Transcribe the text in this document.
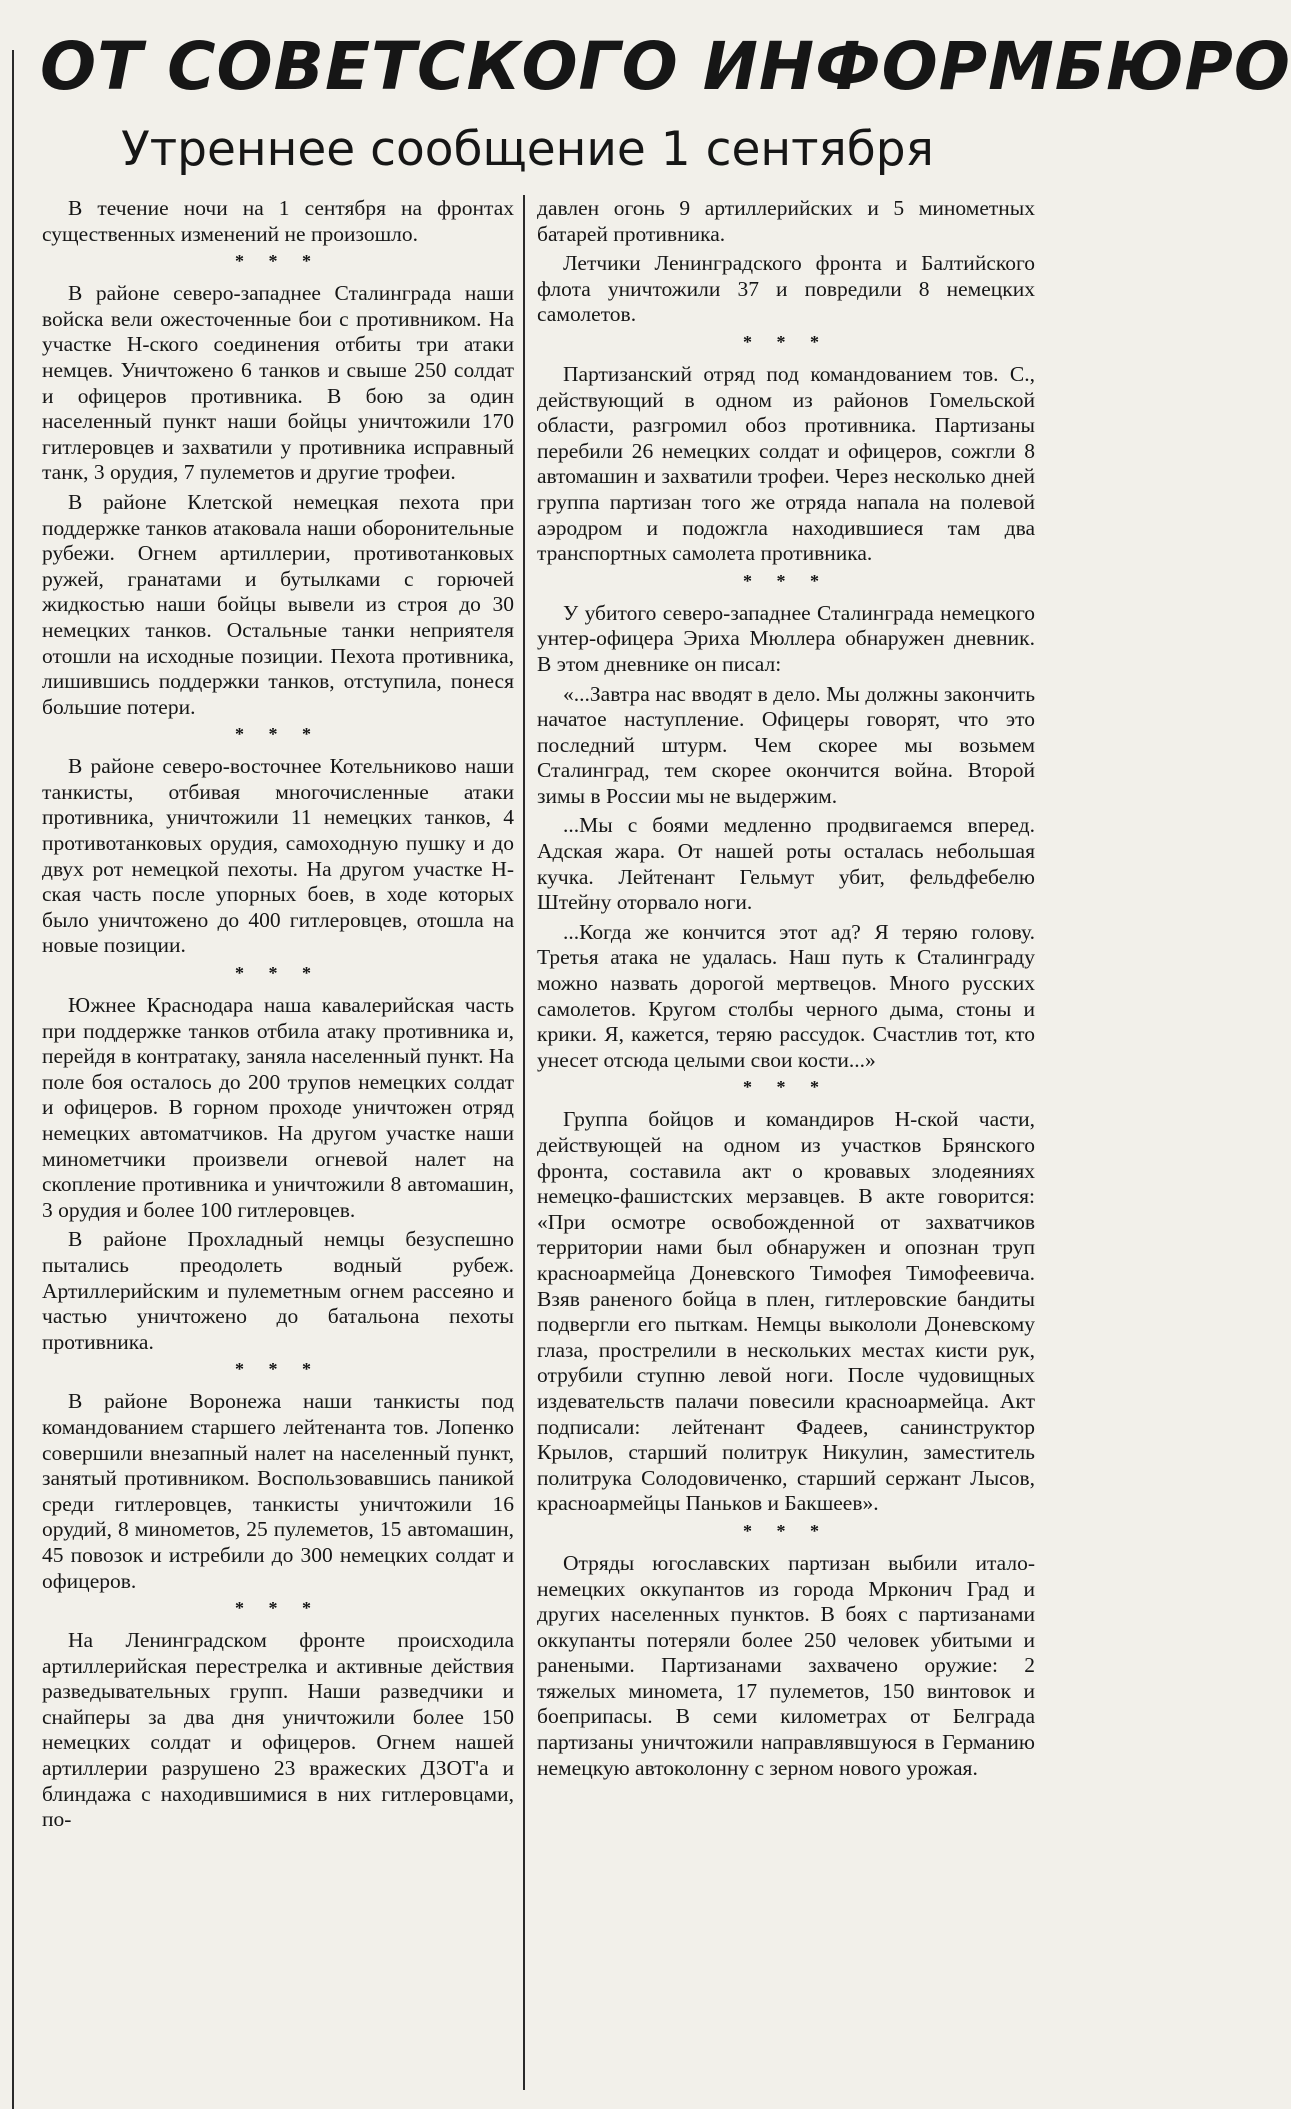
ОТ СОВЕТСКОГО ИНФОРМБЮРО
Утреннее сообщение 1 сентября

В течение ночи на 1 сентября на фронтах существенных изменений не произошло.

* * *

В районе северо-западнее Сталинграда наши войска вели ожесточенные бои с противником. На участке Н-ского соединения отбиты три атаки немцев. Уничтожено 6 танков и свыше 250 солдат и офицеров противника. В бою за один населенный пункт наши бойцы уничтожили 170 гитлеровцев и захватили у противника исправный танк, 3 орудия, 7 пулеметов и другие трофеи.

В районе Клетской немецкая пехота при поддержке танков атаковала наши оборонительные рубежи. Огнем артиллерии, противотанковых ружей, гранатами и бутылками с горючей жидкостью наши бойцы вывели из строя до 30 немецких танков. Остальные танки неприятеля отошли на исходные позиции. Пехота противника, лишившись поддержки танков, отступила, понеся большие потери.

* * *

В районе северо-восточнее Котельниково наши танкисты, отбивая многочисленные атаки противника, уничтожили 11 немецких танков, 4 противотанковых орудия, самоходную пушку и до двух рот немецкой пехоты. На другом участке Н-ская часть после упорных боев, в ходе которых было уничтожено до 400 гитлеровцев, отошла на новые позиции.

* * *

Южнее Краснодара наша кавалерийская часть при поддержке танков отбила атаку противника и, перейдя в контратаку, заняла населенный пункт. На поле боя осталось до 200 трупов немецких солдат и офицеров. В горном проходе уничтожен отряд немецких автоматчиков. На другом участке наши минометчики произвели огневой налет на скопление противника и уничтожили 8 автомашин, 3 орудия и более 100 гитлеровцев.

В районе Прохладный немцы безуспешно пытались преодолеть водный рубеж. Артиллерийским и пулеметным огнем рассеяно и частью уничтожено до батальона пехоты противника.

* * *

В районе Воронежа наши танкисты под командованием старшего лейтенанта тов. Лопенко совершили внезапный налет на населенный пункт, занятый противником. Воспользовавшись паникой среди гитлеровцев, танкисты уничтожили 16 орудий, 8 минометов, 25 пулеметов, 15 автомашин, 45 повозок и истребили до 300 немецких солдат и офицеров.

* * *

На Ленинградском фронте происходила артиллерийская перестрелка и активные действия разведывательных групп. Наши разведчики и снайперы за два дня уничтожили более 150 немецких солдат и офицеров. Огнем нашей артиллерии разрушено 23 вражеских ДЗОТ'а и блиндажа с находившимися в них гитлеровцами, по-

давлен огонь 9 артиллерийских и 5 минометных батарей противника.

Летчики Ленинградского фронта и Балтийского флота уничтожили 37 и повредили 8 немецких самолетов.

* * *

Партизанский отряд под командованием тов. С., действующий в одном из районов Гомельской области, разгромил обоз противника. Партизаны перебили 26 немецких солдат и офицеров, сожгли 8 автомашин и захватили трофеи. Через несколько дней группа партизан того же отряда напала на полевой аэродром и подожгла находившиеся там два транспортных самолета противника.

* * *

У убитого северо-западнее Сталинграда немецкого унтер-офицера Эриха Мюллера обнаружен дневник. В этом дневнике он писал:

«...Завтра нас вводят в дело. Мы должны закончить начатое наступление. Офицеры говорят, что это последний штурм. Чем скорее мы возьмем Сталинград, тем скорее окончится война. Второй зимы в России мы не выдержим.

...Мы с боями медленно продвигаемся вперед. Адская жара. От нашей роты осталась небольшая кучка. Лейтенант Гельмут убит, фельдфебелю Штейну оторвало ноги.

...Когда же кончится этот ад? Я теряю голову. Третья атака не удалась. Наш путь к Сталинграду можно назвать дорогой мертвецов. Много русских самолетов. Кругом столбы черного дыма, стоны и крики. Я, кажется, теряю рассудок. Счастлив тот, кто унесет отсюда целыми свои кости...»

* * *

Группа бойцов и командиров Н-ской части, действующей на одном из участков Брянского фронта, составила акт о кровавых злодеяниях немецко-фашистских мерзавцев. В акте говорится: «При осмотре освобожденной от захватчиков территории нами был обнаружен и опознан труп красноармейца Доневского Тимофея Тимофеевича. Взяв раненого бойца в плен, гитлеровские бандиты подвергли его пыткам. Немцы выкололи Доневскому глаза, прострелили в нескольких местах кисти рук, отрубили ступню левой ноги. После чудовищных издевательств палачи повесили красноармейца. Акт подписали: лейтенант Фадеев, санинструктор Крылов, старший политрук Никулин, заместитель политрука Солодовиченко, старший сержант Лысов, красноармейцы Паньков и Бакшеев».

* * *

Отряды югославских партизан выбили итало-немецких оккупантов из города Мрконич Град и других населенных пунктов. В боях с партизанами оккупанты потеряли более 250 человек убитыми и ранеными. Партизанами захвачено оружие: 2 тяжелых миномета, 17 пулеметов, 150 винтовок и боеприпасы. В семи километрах от Белграда партизаны уничтожили направлявшуюся в Германию немецкую автоколонну с зерном нового урожая.
